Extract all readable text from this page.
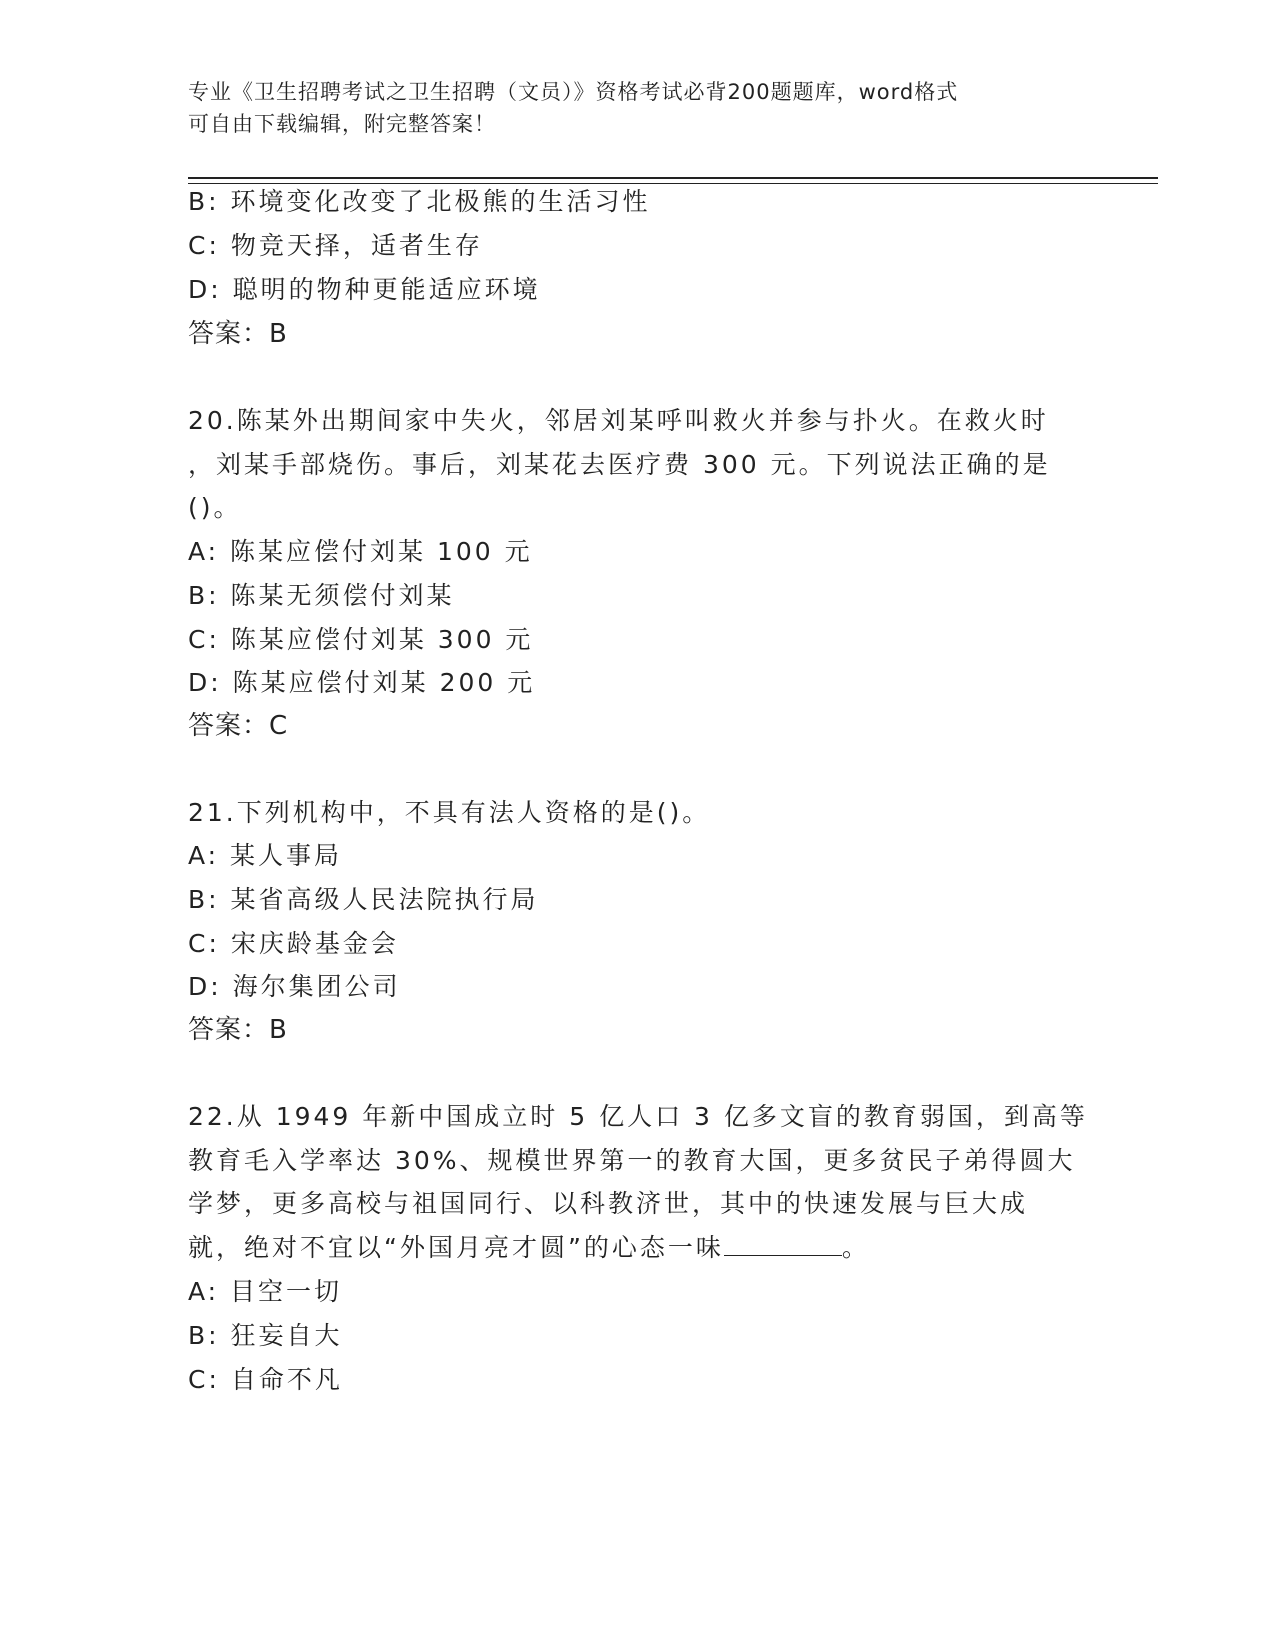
专业《卫生招聘考试之卫生招聘（文员）》资格考试必背200题题库，word格式
可自由下载编辑，附完整答案！
B: 环境变化改变了北极熊的生活习性
C: 物竞天择，适者生存
D: 聪明的物种更能适应环境
答案：B
20.陈某外出期间家中失火，邻居刘某呼叫救火并参与扑火。在救火时
，刘某手部烧伤。事后，刘某花去医疗费 300 元。下列说法正确的是
()。
A: 陈某应偿付刘某 100 元
B: 陈某无须偿付刘某
C: 陈某应偿付刘某 300 元
D: 陈某应偿付刘某 200 元
答案：C
21.下列机构中，不具有法人资格的是()。
A: 某人事局
B: 某省高级人民法院执行局
C: 宋庆龄基金会
D: 海尔集团公司
答案：B
22.从 1949 年新中国成立时 5 亿人口 3 亿多文盲的教育弱国，到高等
教育毛入学率达 30%、规模世界第一的教育大国，更多贫民子弟得圆大
学梦，更多高校与祖国同行、以科教济世，其中的快速发展与巨大成
就，绝对不宜以“外国月亮才圆”的心态一味	。
A: 目空一切
B: 狂妄自大
C: 自命不凡
